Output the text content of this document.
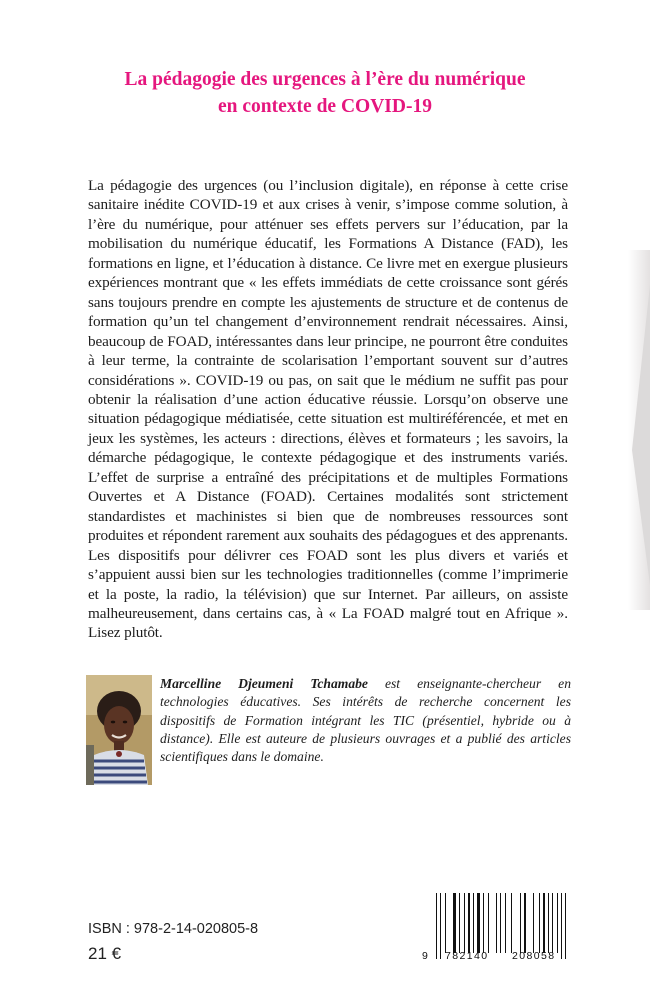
La pédagogie des urgences à l’ère du numérique
en contexte de COVID-19

La pédagogie des urgences (ou l’inclusion digitale), en réponse à cette crise sanitaire inédite COVID-19 et aux crises à venir, s’impose comme solution, à l’ère du numérique, pour atténuer ses effets pervers sur l’éducation, par la mobilisation du numérique éducatif, les Formations A Distance (FAD), les formations en ligne, et l’éducation à distance. Ce livre met en exergue plusieurs expériences montrant que « les effets immédiats de cette croissance sont gérés sans toujours prendre en compte les ajustements de structure et de contenus de formation qu’un tel changement d’environnement rendrait nécessaires. Ainsi, beaucoup de FOAD, intéressantes dans leur principe, ne pourront être conduites à leur terme, la contrainte de scolarisation l’emportant souvent sur d’autres considérations ». COVID-19 ou pas, on sait que le médium ne suffit pas pour obtenir la réalisation d’une action éducative réussie. Lorsqu’on observe une situation pédagogique médiatisée, cette situation est multiréférencée, et met en jeux les systèmes, les acteurs : directions, élèves et formateurs ; les savoirs, la démarche pédagogique, le contexte pédagogique et des instruments variés. L’effet de surprise a entraîné des précipitations et de multiples Formations Ouvertes et A Distance (FOAD). Certaines modalités sont strictement standardistes et machinistes si bien que de nombreuses ressources sont produites et répondent rarement aux souhaits des pédagogues et des apprenants. Les dispositifs pour délivrer ces FOAD sont les plus divers et variés et s’appuient aussi bien sur les technologies traditionnelles (comme l’imprimerie et la poste, la radio, la télévision) que sur Internet. Par ailleurs, on assiste malheureusement, dans certains cas, à « La FOAD malgré tout en Afrique ». Lisez plutôt.

Marcelline Djeumeni Tchamabe est enseignante-chercheur en technologies éducatives. Ses intérêts de recherche concernent les dispositifs de Formation intégrant les TIC (présentiel, hybride ou à distance). Elle est auteure de plusieurs ouvrages et a publié des articles scientifiques dans le domaine.

ISBN : 978-2-14-020805-8
21 €	9 782140 208058
